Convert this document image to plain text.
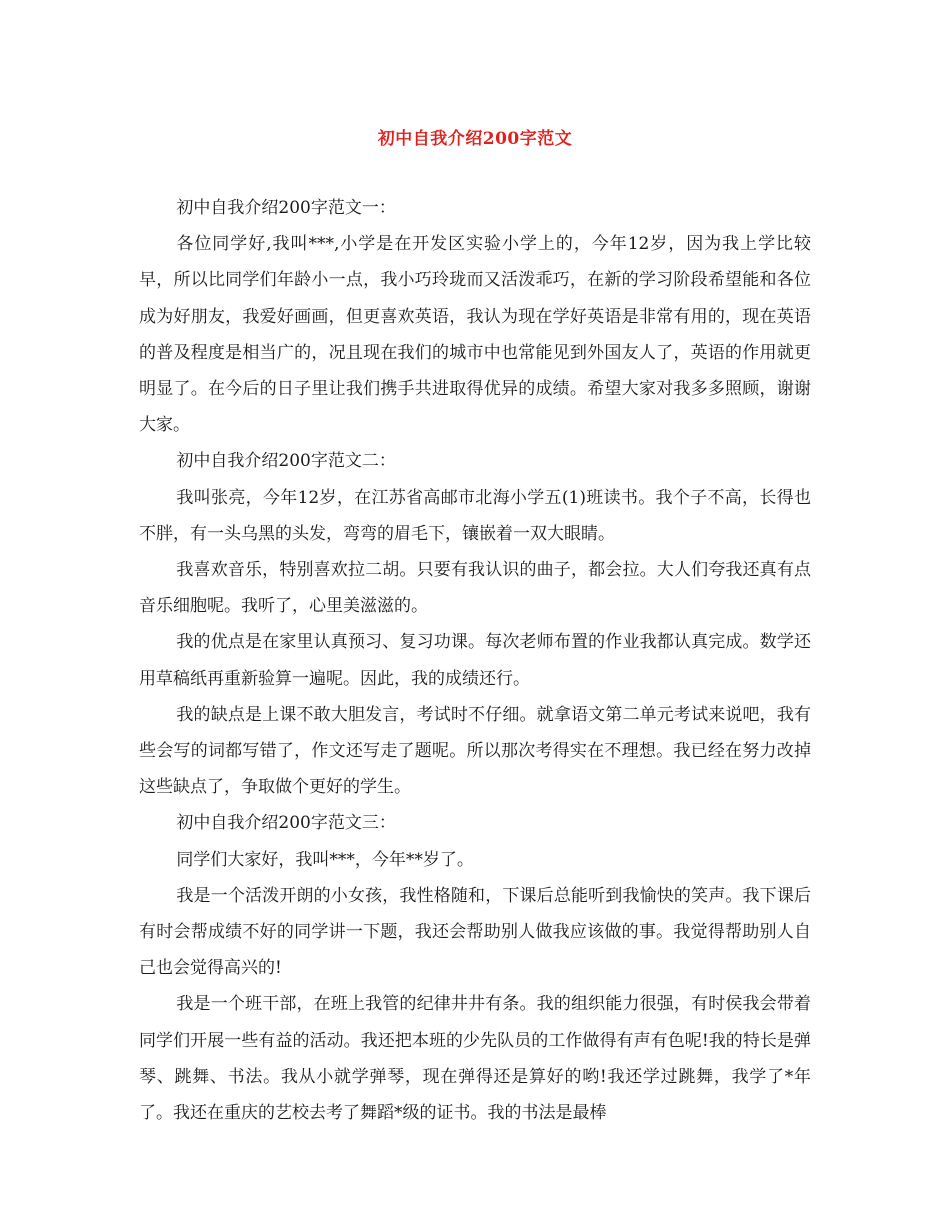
初中自我介绍200字范文

初中自我介绍200字范文一：

各位同学好,我叫***,小学是在开发区实验小学上的，今年12岁，因为我上学比较早，所以比同学们年龄小一点，我小巧玲珑而又活泼乖巧，在新的学习阶段希望能和各位成为好朋友，我爱好画画，但更喜欢英语，我认为现在学好英语是非常有用的，现在英语的普及程度是相当广的，况且现在我们的城市中也常能见到外国友人了，英语的作用就更明显了。在今后的日子里让我们携手共进取得优异的成绩。希望大家对我多多照顾，谢谢大家。

初中自我介绍200字范文二：

我叫张亮，今年12岁，在江苏省高邮市北海小学五(1)班读书。我个子不高，长得也不胖，有一头乌黑的头发，弯弯的眉毛下，镶嵌着一双大眼睛。

我喜欢音乐，特别喜欢拉二胡。只要有我认识的曲子，都会拉。大人们夸我还真有点音乐细胞呢。我听了，心里美滋滋的。

我的优点是在家里认真预习、复习功课。每次老师布置的作业我都认真完成。数学还用草稿纸再重新验算一遍呢。因此，我的成绩还行。

我的缺点是上课不敢大胆发言，考试时不仔细。就拿语文第二单元考试来说吧，我有些会写的词都写错了，作文还写走了题呢。所以那次考得实在不理想。我已经在努力改掉这些缺点了，争取做个更好的学生。

初中自我介绍200字范文三：

同学们大家好，我叫***，今年**岁了。

我是一个活泼开朗的小女孩，我性格随和，下课后总能听到我愉快的笑声。我下课后有时会帮成绩不好的同学讲一下题，我还会帮助别人做我应该做的事。我觉得帮助别人自己也会觉得高兴的!

我是一个班干部，在班上我管的纪律井井有条。我的组织能力很强，有时侯我会带着同学们开展一些有益的活动。我还把本班的少先队员的工作做得有声有色呢!我的特长是弹琴、跳舞、书法。我从小就学弹琴，现在弹得还是算好的哟!我还学过跳舞，我学了*年了。我还在重庆的艺校去考了舞蹈*级的证书。我的书法是最棒
